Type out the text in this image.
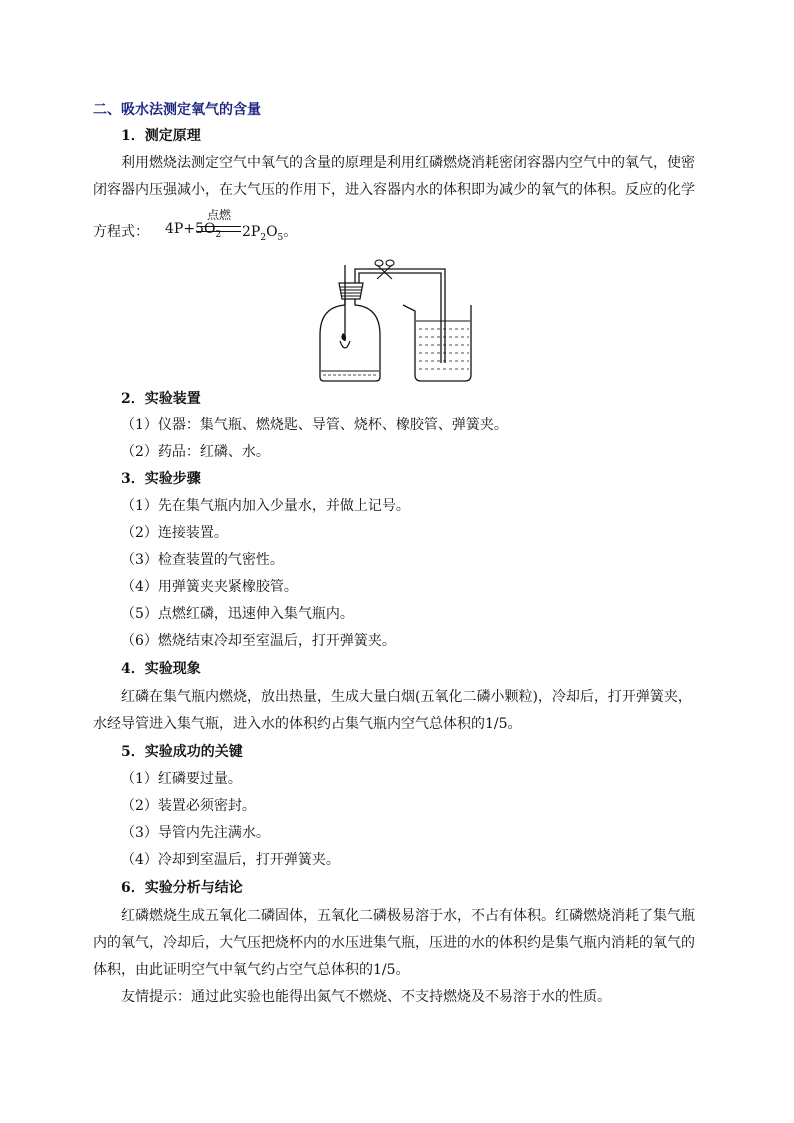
二、吸水法测定氧气的含量
1．测定原理
利用燃烧法测定空气中氧气的含量的原理是利用红磷燃烧消耗密闭容器内空气中的氧气，使密闭容器内压强减小，在大气压的作用下，进入容器内水的体积即为减少的氧气的体积。反应的化学
方程式： $4P+5O_2$
点燃
$2P_2O_5$。
2．实验装置
（1）仪器：集气瓶、燃烧匙、导管、烧杯、橡胶管、弹簧夹。
（2）药品：红磷、水。
3．实验步骤
（1）先在集气瓶内加入少量水，并做上记号。
（2）连接装置。
（3）检查装置的气密性。
（4）用弹簧夹夹紧橡胶管。
（5）点燃红磷，迅速伸入集气瓶内。
（6）燃烧结束冷却至室温后，打开弹簧夹。
4．实验现象
红磷在集气瓶内燃烧，放出热量，生成大量白烟(五氧化二磷小颗粒)，冷却后，打开弹簧夹，水经导管进入集气瓶，进入水的体积约占集气瓶内空气总体积的1/5。
5．实验成功的关键
（1）红磷要过量。
（2）装置必须密封。
（3）导管内先注满水。
（4）冷却到室温后，打开弹簧夹。
6．实验分析与结论
红磷燃烧生成五氧化二磷固体，五氧化二磷极易溶于水，不占有体积。红磷燃烧消耗了集气瓶内的氧气，冷却后，大气压把烧杯内的水压进集气瓶，压进的水的体积约是集气瓶内消耗的氧气的体积，由此证明空气中氧气约占空气总体积的1/5。
友情提示：通过此实验也能得出氮气不燃烧、不支持燃烧及不易溶于水的性质。
